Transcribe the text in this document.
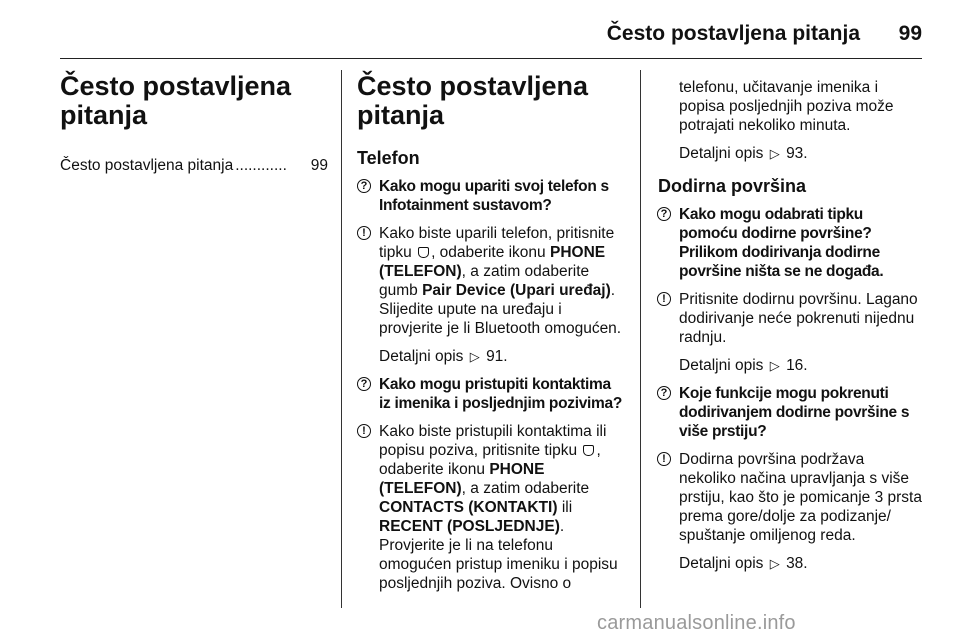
Često postavljena pitanja	99
Često postavljena
pitanja
Često postavljena pitanja ............	99
Često postavljena
pitanja
Telefon
? Kako mogu upariti svoj telefon s Infotainment sustavom?
! Kako biste uparili telefon, pritisnite tipku , odaberite ikonu PHONE (TELEFON), a zatim odaberite gumb Pair Device (Upari uređaj). Slijedite upute na uređaju i provjerite je li Bluetooth omogućen.
Detaljni opis ▷ 91.
? Kako mogu pristupiti kontaktima iz imenika i posljednjim pozivima?
! Kako biste pristupili kontaktima ili popisu poziva, pritisnite tipku , odaberite ikonu PHONE (TELEFON), a zatim odaberite CONTACTS (KONTAKTI) ili RECENT (POSLJEDNJE). Provjerite je li na telefonu omogućen pristup imeniku i popisu posljednjih poziva. Ovisno o
telefonu, učitavanje imenika i popisa posljednjih poziva može potrajati nekoliko minuta.
Detaljni opis ▷ 93.
Dodirna površina
? Kako mogu odabrati tipku pomoću dodirne površine? Prilikom dodirivanja dodirne površine ništa se ne događa.
! Pritisnite dodirnu površinu. Lagano dodirivanje neće pokrenuti nijednu radnju.
Detaljni opis ▷ 16.
? Koje funkcije mogu pokrenuti dodirivanjem dodirne površine s više prstiju?
! Dodirna površina podržava nekoliko načina upravljanja s više prstiju, kao što je pomicanje 3 prsta prema gore/dolje za podizanje/ spuštanje omiljenog reda.
Detaljni opis ▷ 38.
carmanualsonline.info
